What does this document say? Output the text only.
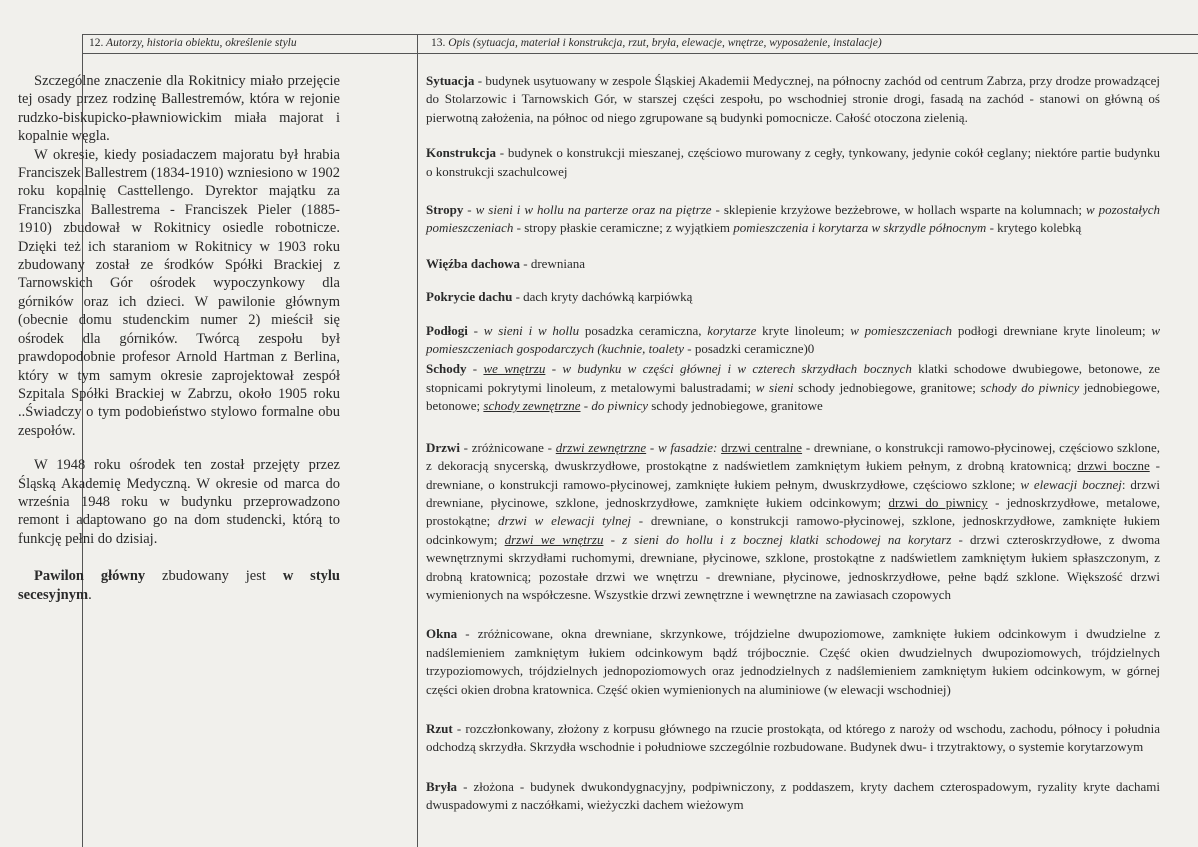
12. Autorzy, historia obiektu, określenie stylu	13. Opis (sytuacja, materiał i konstrukcja, rzut, bryła, elewacje, wnętrze, wyposażenie, instalacje)

Szczególne znaczenie dla Rokitnicy miało przejęcie tej osady przez rodzinę Ballestremów, która w rejonie rudzko-biskupicko-pławniowickim miała majorat i kopalnie węgla.

W okresie, kiedy posiadaczem majoratu był hrabia Franciszek Ballestrem (1834-1910) wzniesiono w 1902 roku kopalnię Casttellengo. Dyrektor majątku za Franciszka Ballestrema - Franciszek Pieler (1885-1910) zbudował w Rokitnicy osiedle robotnicze. Dzięki też ich staraniom w Rokitnicy w 1903 roku zbudowany został ze środków Spółki Brackiej z Tarnowskich Gór ośrodek wypoczynkowy dla górników oraz ich dzieci. W pawilonie głównym (obecnie domu studenckim numer 2) mieścił się ośrodek dla górników. Twórcą zespołu był prawdopodobnie profesor Arnold Hartman z Berlina, który w tym samym okresie zaprojektował zespół Szpitala Spółki Brackiej w Zabrzu, około 1905 roku ..Świadczy o tym podobieństwo stylowo formalne obu zespołów.

W 1948 roku ośrodek ten został przejęty przez Śląską Akademię Medyczną. W okresie od marca do września 1948 roku w budynku przeprowadzono remont i adaptowano go na dom studencki, którą to funkcję pełni do dzisiaj.

Pawilon główny zbudowany jest w stylu secesyjnym.

Sytuacja - budynek usytuowany w zespole Śląskiej Akademii Medycznej, na północny zachód od centrum Zabrza, przy drodze prowadzącej do Stolarzowic i Tarnowskich Gór, w starszej części zespołu, po wschodniej stronie drogi, fasadą na zachód - stanowi on główną oś pierwotną założenia, na północ od niego zgrupowane są budynki pomocnicze. Całość otoczona zielenią.

Konstrukcja - budynek o konstrukcji mieszanej, częściowo murowany z cegły, tynkowany, jedynie cokół ceglany; niektóre partie budynku o konstrukcji szachulcowej

Stropy - w sieni i w hollu na parterze oraz na piętrze - sklepienie krzyżowe bezżebrowe, w hollach wsparte na kolumnach; w pozostałych pomieszczeniach - stropy płaskie ceramiczne; z wyjątkiem pomieszczenia i korytarza w skrzydle północnym - krytego kolebką

Więźba dachowa - drewniana

Pokrycie dachu - dach kryty dachówką karpiówką

Podłogi - w sieni i w hollu posadzka ceramiczna, korytarze kryte linoleum; w pomieszczeniach podłogi drewniane kryte linoleum; w pomieszczeniach gospodarczych (kuchnie, toalety - posadzki ceramiczne)0

Schody - we wnętrzu - w budynku w części głównej i w czterech skrzydłach bocznych klatki schodowe dwubiegowe, betonowe, ze stopnicami pokrytymi linoleum, z metalowymi balustradami; w sieni schody jednobiegowe, granitowe; schody do piwnicy jednobiegowe, betonowe; schody zewnętrzne - do piwnicy schody jednobiegowe, granitowe

Drzwi - zróżnicowane - drzwi zewnętrzne - w fasadzie: drzwi centralne - drewniane, o konstrukcji ramowo-płycinowej, częściowo szklone, z dekoracją snycerską, dwuskrzydłowe, prostokątne z nadświetlem zamkniętym łukiem pełnym, z drobną kratownicą; drzwi boczne - drewniane, o konstrukcji ramowo-płycinowej, zamknięte łukiem pełnym, dwuskrzydłowe, częściowo szklone; w elewacji bocznej: drzwi drewniane, płycinowe, szklone, jednoskrzydłowe, zamknięte łukiem odcinkowym; drzwi do piwnicy - jednoskrzydłowe, metalowe, prostokątne; drzwi w elewacji tylnej - drewniane, o konstrukcji ramowo-płycinowej, szklone, jednoskrzydłowe, zamknięte łukiem odcinkowym; drzwi we wnętrzu - z sieni do hollu i z bocznej klatki schodowej na korytarz - drzwi czteroskrzydłowe, z dwoma wewnętrznymi skrzydłami ruchomymi, drewniane, płycinowe, szklone, prostokątne z nadświetlem zamkniętym łukiem spłaszczonym, z drobną kratownicą; pozostałe drzwi we wnętrzu - drewniane, płycinowe, jednoskrzydłowe, pełne bądź szklone. Większość drzwi wymienionych na współczesne. Wszystkie drzwi zewnętrzne i wewnętrzne na zawiasach czopowych

Okna - zróżnicowane, okna drewniane, skrzynkowe, trójdzielne dwupoziomowe, zamknięte łukiem odcinkowym i dwudzielne z nadślemieniem zamkniętym łukiem odcinkowym bądź trójbocznie. Część okien dwudzielnych dwupoziomowych, trójdzielnych trzypoziomowych, trójdzielnych jednopoziomowych oraz jednodzielnych z nadślemieniem zamkniętym łukiem odcinkowym, w górnej części okien drobna kratownica. Część okien wymienionych na aluminiowe (w elewacji wschodniej)

Rzut - rozczłonkowany, złożony z korpusu głównego na rzucie prostokąta, od którego z naroży od wschodu, zachodu, północy i południa odchodzą skrzydła. Skrzydła wschodnie i południowe szczególnie rozbudowane. Budynek dwu- i trzytraktowy, o systemie korytarzowym

Bryła - złożona - budynek dwukondygnacyjny, podpiwniczony, z poddaszem, kryty dachem czterospadowym, ryzality kryte dachami dwuspadowymi z naczółkami, wieżyczki dachem wieżowym
